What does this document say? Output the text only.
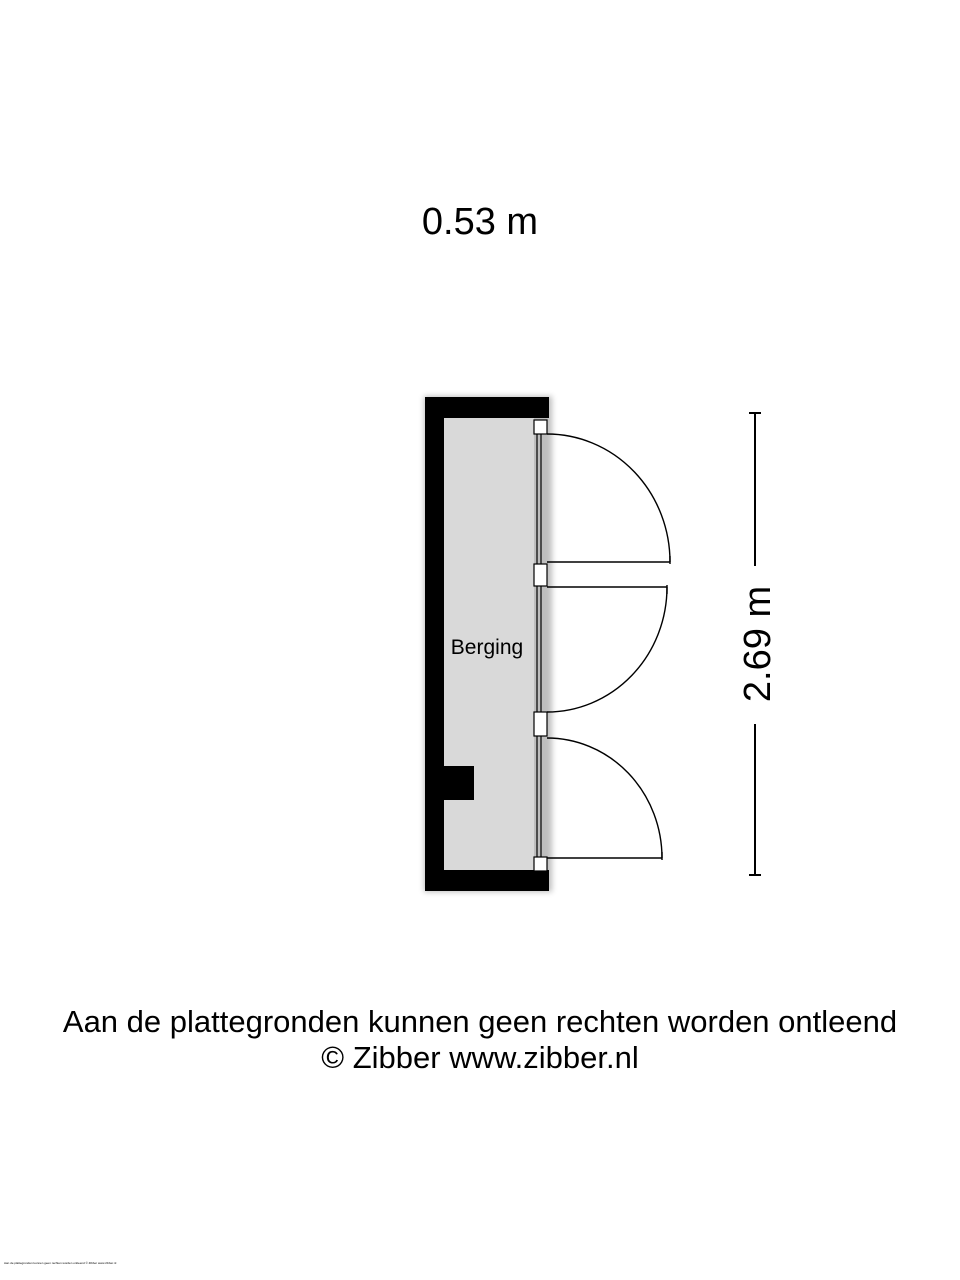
0.53 m
Berging	2.69 m
Aan de plattegronden kunnen geen rechten worden ontleend
© Zibber www.zibber.nl
Aan de plattegronden kunnen geen rechten worden ontleend © Zibber www.zibber.nl
